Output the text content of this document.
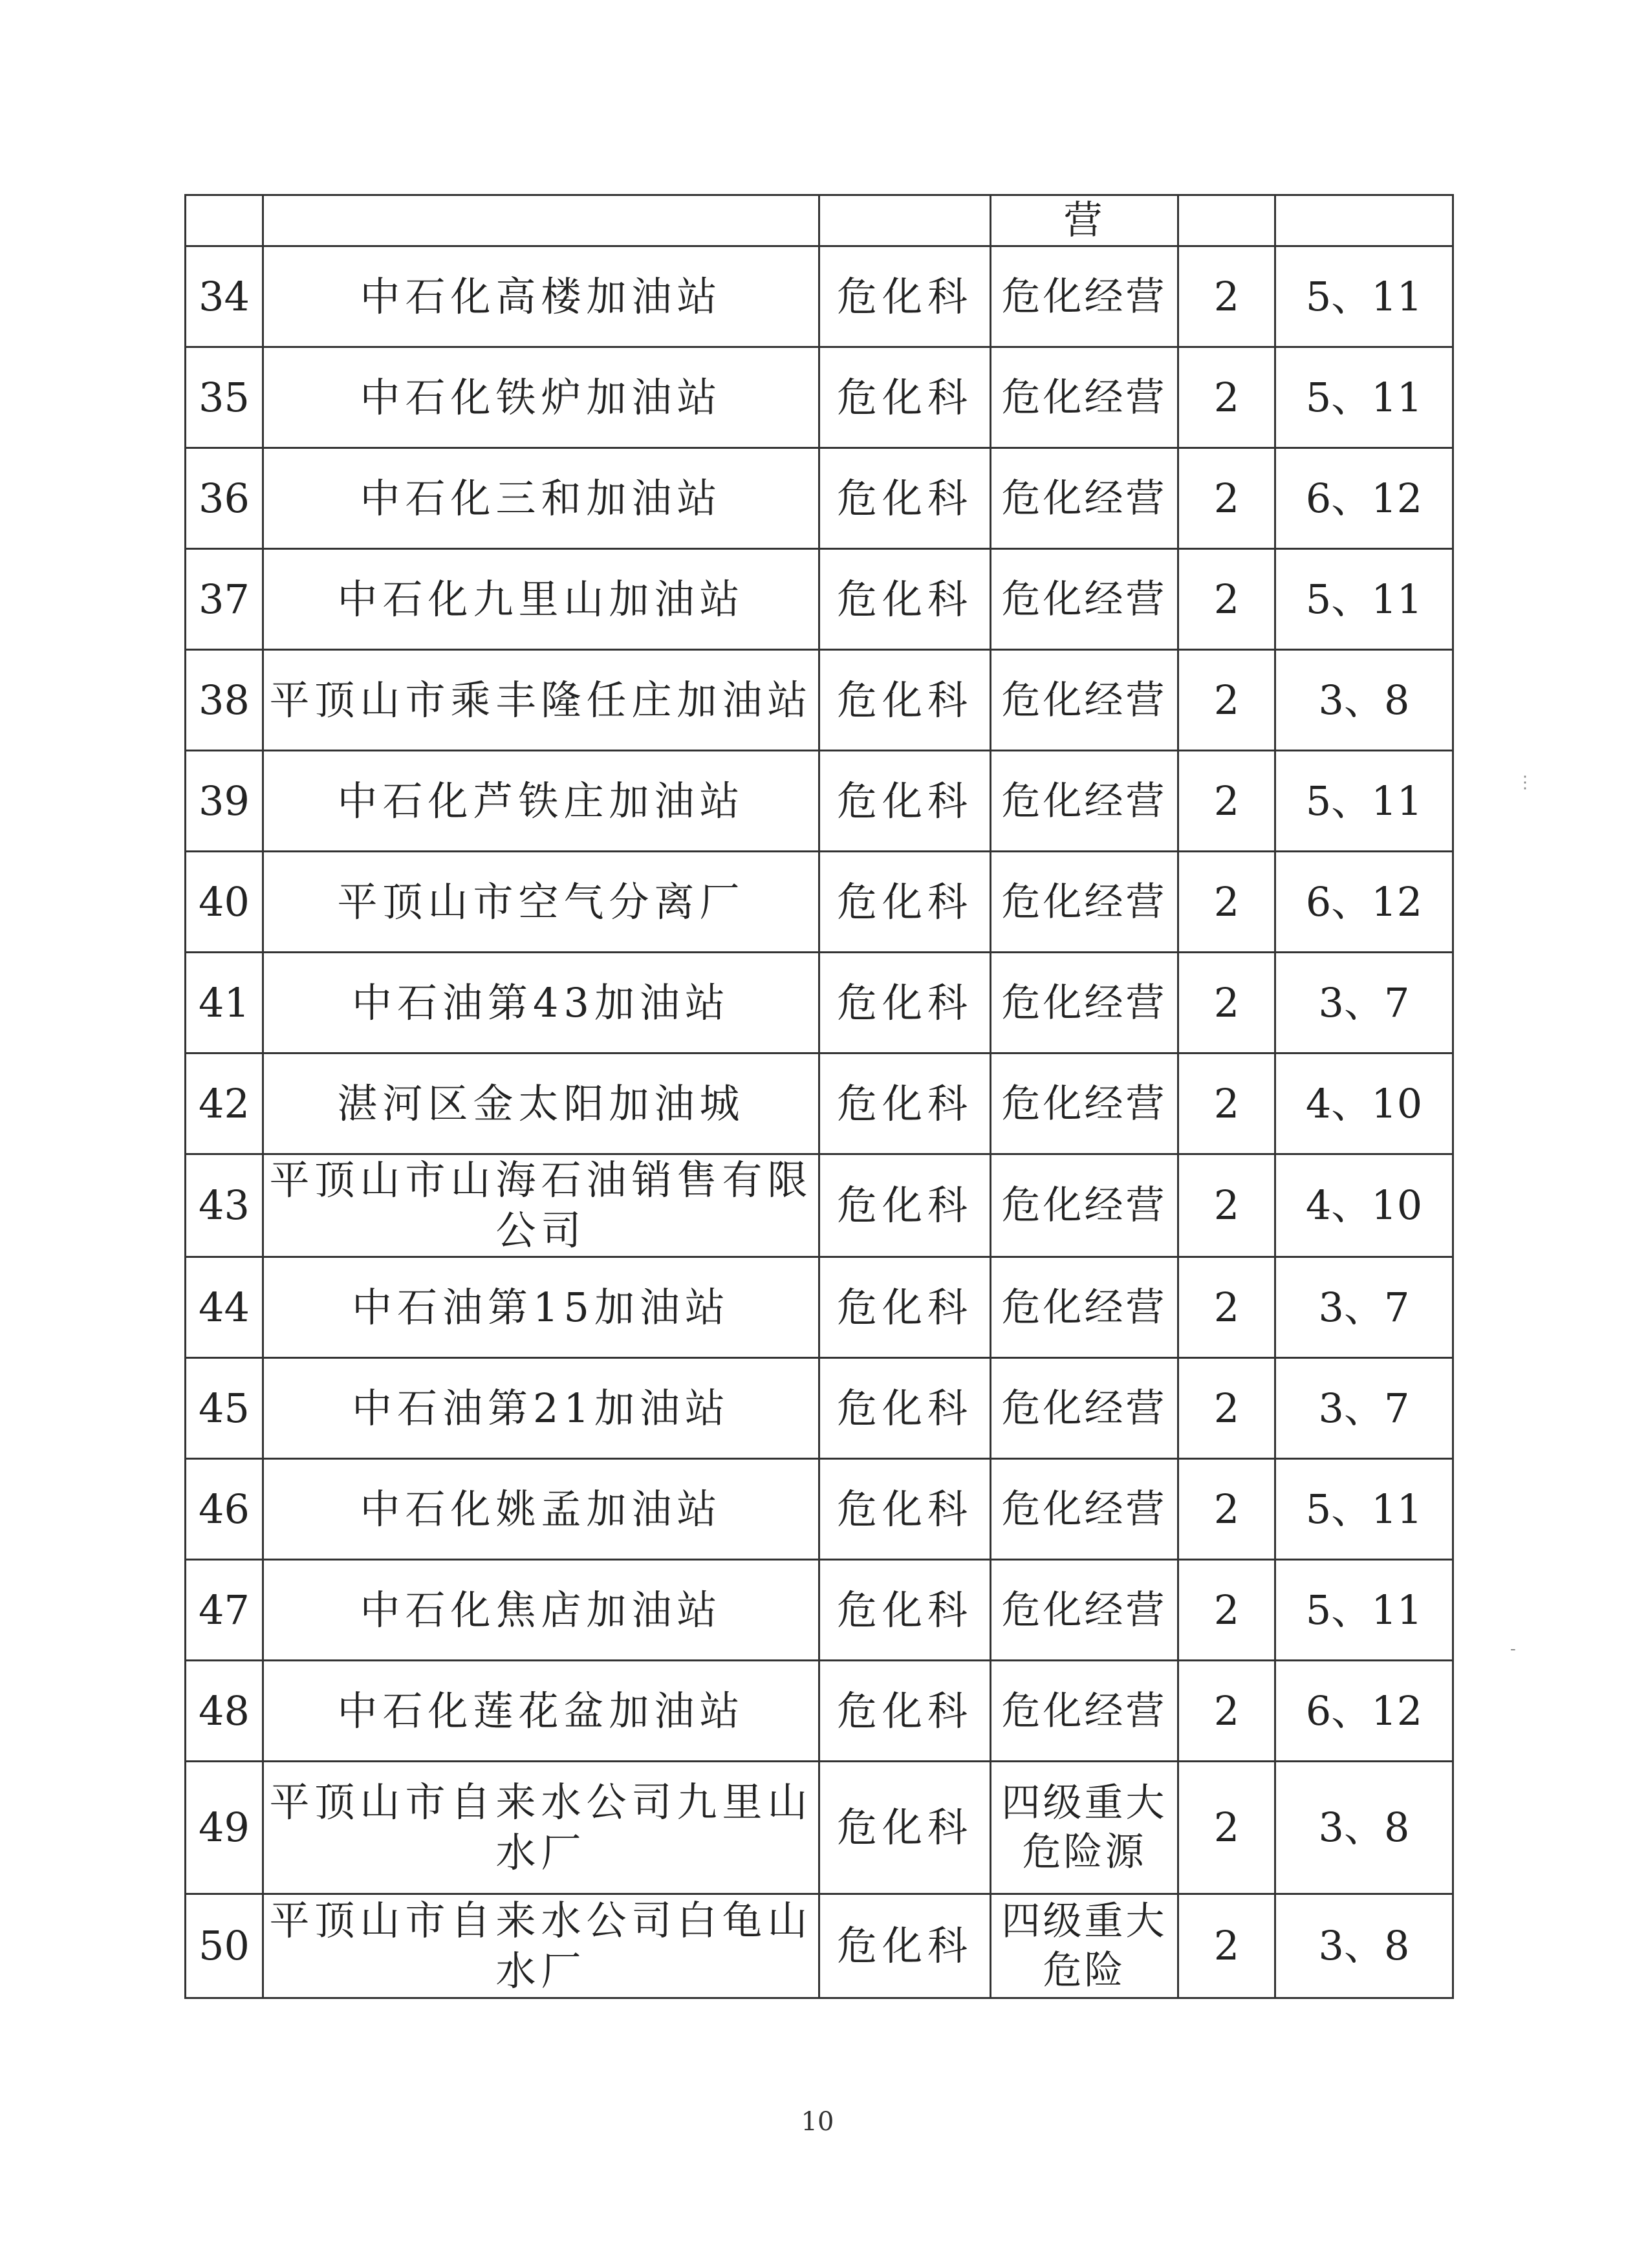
			营		
34	中石化高楼加油站	危化科	危化经营	2	5、11
35	中石化铁炉加油站	危化科	危化经营	2	5、11
36	中石化三和加油站	危化科	危化经营	2	6、12
37	中石化九里山加油站	危化科	危化经营	2	5、11
38	平顶山市乘丰隆任庄加油站	危化科	危化经营	2	3、8
39	中石化芦铁庄加油站	危化科	危化经营	2	5、11
40	平顶山市空气分离厂	危化科	危化经营	2	6、12
41	中石油第43加油站	危化科	危化经营	2	3、7
42	湛河区金太阳加油城	危化科	危化经营	2	4、10
43	平顶山市山海石油销售有限公司	危化科	危化经营	2	4、10
44	中石油第15加油站	危化科	危化经营	2	3、7
45	中石油第21加油站	危化科	危化经营	2	3、7
46	中石化姚孟加油站	危化科	危化经营	2	5、11
47	中石化焦店加油站	危化科	危化经营	2	5、11
48	中石化莲花盆加油站	危化科	危化经营	2	6、12
49	平顶山市自来水公司九里山水厂	危化科	四级重大危险源	2	3、8
50	平顶山市自来水公司白龟山水厂	危化科	四级重大危险	2	3、8
10
⋮
-
